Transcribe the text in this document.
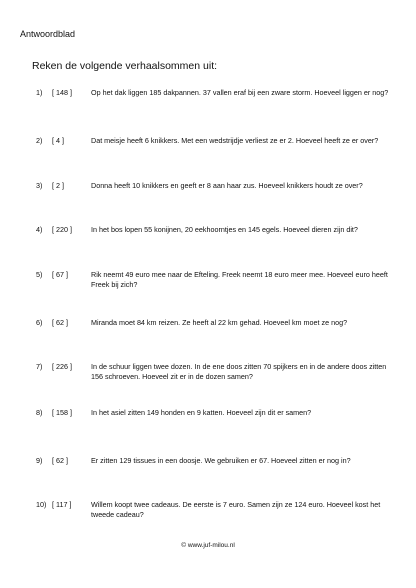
Antwoordblad
Reken de volgende verhaalsommen uit:
1) [ 148 ]	Op het dak liggen 185 dakpannen. 37 vallen eraf bij een zware storm. Hoeveel liggen er nog?
2) [ 4 ]	Dat meisje heeft 6 knikkers. Met een wedstrijdje verliest ze er 2. Hoeveel heeft ze er over?
3) [ 2 ]	Donna heeft 10 knikkers en geeft er 8 aan haar zus. Hoeveel knikkers houdt ze over?
4) [ 220 ]	In het bos lopen 55 konijnen, 20 eekhoorntjes en 145 egels. Hoeveel dieren zijn dit?
5) [ 67 ]	Rik neemt 49 euro mee naar de Efteling. Freek neemt 18 euro meer mee. Hoeveel euro heeft Freek bij zich?
6) [ 62 ]	Miranda moet 84 km reizen. Ze heeft al 22 km gehad. Hoeveel km moet ze nog?
7) [ 226 ]	In de schuur liggen twee dozen. In de ene doos zitten 70 spijkers en in de andere doos zitten 156 schroeven. Hoeveel zit er in de dozen samen?
8) [ 158 ]	In het asiel zitten 149 honden en 9 katten. Hoeveel zijn dit er samen?
9) [ 62 ]	Er zitten 129 tissues in een doosje. We gebruiken er 67. Hoeveel zitten er nog in?
10) [ 117 ]	Willem koopt twee cadeaus. De eerste is 7 euro. Samen zijn ze 124 euro. Hoeveel kost het tweede cadeau?
© www.juf-milou.nl
